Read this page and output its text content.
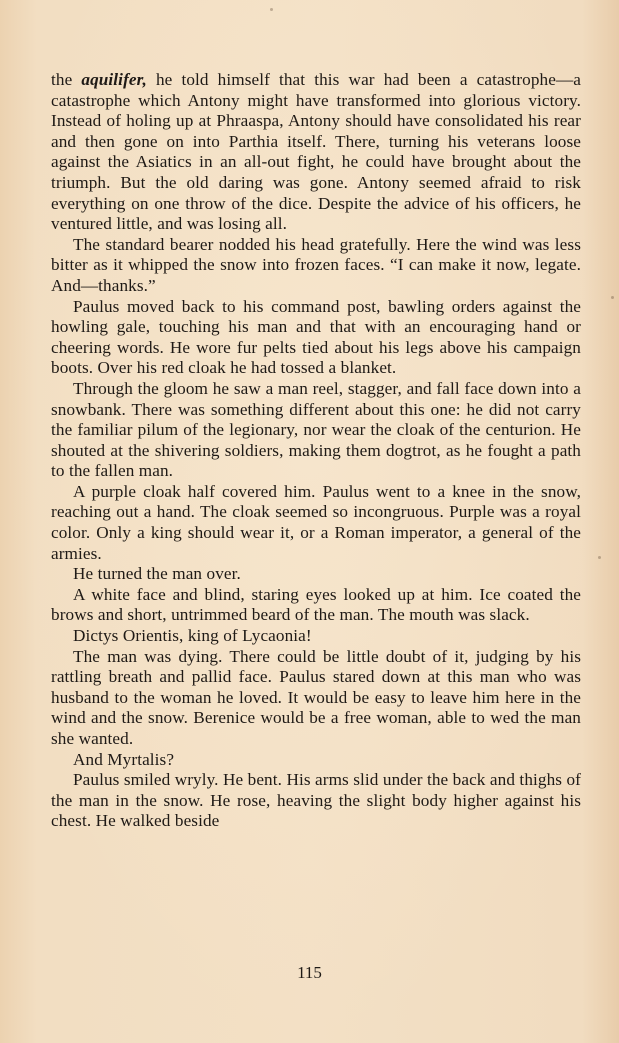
the aquilifer, he told himself that this war had been a catastrophe—a catastrophe which Antony might have transformed into glorious victory. Instead of holing up at Phraaspa, Antony should have consolidated his rear and then gone on into Parthia itself. There, turning his veterans loose against the Asiatics in an all-out fight, he could have brought about the triumph. But the old daring was gone. Antony seemed afraid to risk everything on one throw of the dice. Despite the advice of his officers, he ventured little, and was losing all.

The standard bearer nodded his head gratefully. Here the wind was less bitter as it whipped the snow into frozen faces. “I can make it now, legate. And—thanks.”

Paulus moved back to his command post, bawling orders against the howling gale, touching his man and that with an encouraging hand or cheering words. He wore fur pelts tied about his legs above his campaign boots. Over his red cloak he had tossed a blanket.

Through the gloom he saw a man reel, stagger, and fall face down into a snowbank. There was something different about this one: he did not carry the familiar pilum of the legionary, nor wear the cloak of the centurion. He shouted at the shivering soldiers, making them dogtrot, as he fought a path to the fallen man.

A purple cloak half covered him. Paulus went to a knee in the snow, reaching out a hand. The cloak seemed so incongruous. Purple was a royal color. Only a king should wear it, or a Roman imperator, a general of the armies.

He turned the man over.

A white face and blind, staring eyes looked up at him. Ice coated the brows and short, untrimmed beard of the man. The mouth was slack.

Dictys Orientis, king of Lycaonia!

The man was dying. There could be little doubt of it, judging by his rattling breath and pallid face. Paulus stared down at this man who was husband to the woman he loved. It would be easy to leave him here in the wind and the snow. Berenice would be a free woman, able to wed the man she wanted.

And Myrtalis?

Paulus smiled wryly. He bent. His arms slid under the back and thighs of the man in the snow. He rose, heaving the slight body higher against his chest. He walked beside

115
